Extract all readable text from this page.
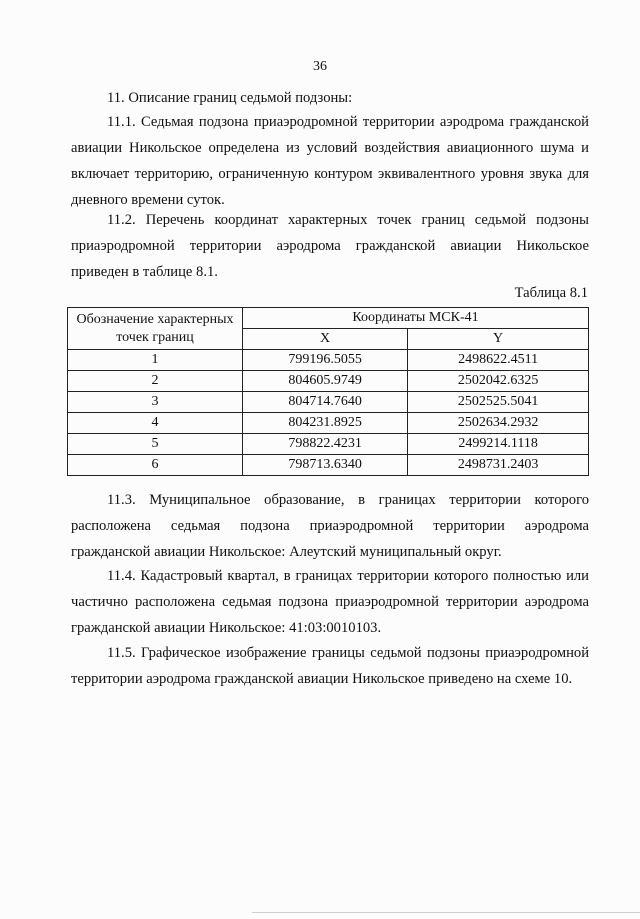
36
11. Описание границ седьмой подзоны:
11.1. Седьмая подзона приаэродромной территории аэродрома гражданской авиации Никольское определена из условий воздействия авиационного шума и включает территорию, ограниченную контуром эквивалентного уровня звука для дневного времени суток.
11.2. Перечень координат характерных точек границ седьмой подзоны приаэродромной территории аэродрома гражданской авиации Никольское приведен в таблице 8.1.
Таблица 8.1
Обозначение характерных точек границ	Координаты МСК-41	
	X	Y
1	799196.5055	2498622.4511
2	804605.9749	2502042.6325
3	804714.7640	2502525.5041
4	804231.8925	2502634.2932
5	798822.4231	2499214.1118
6	798713.6340	2498731.2403
11.3. Муниципальное образование, в границах территории которого расположена седьмая подзона приаэродромной территории аэродрома гражданской авиации Никольское: Алеутский муниципальный округ.
11.4. Кадастровый квартал, в границах территории которого полностью или частично расположена седьмая подзона приаэродромной территории аэродрома гражданской авиации Никольское: 41:03:0010103.
11.5. Графическое изображение границы седьмой подзоны приаэродромной территории аэродрома гражданской авиации Никольское приведено на схеме 10.
